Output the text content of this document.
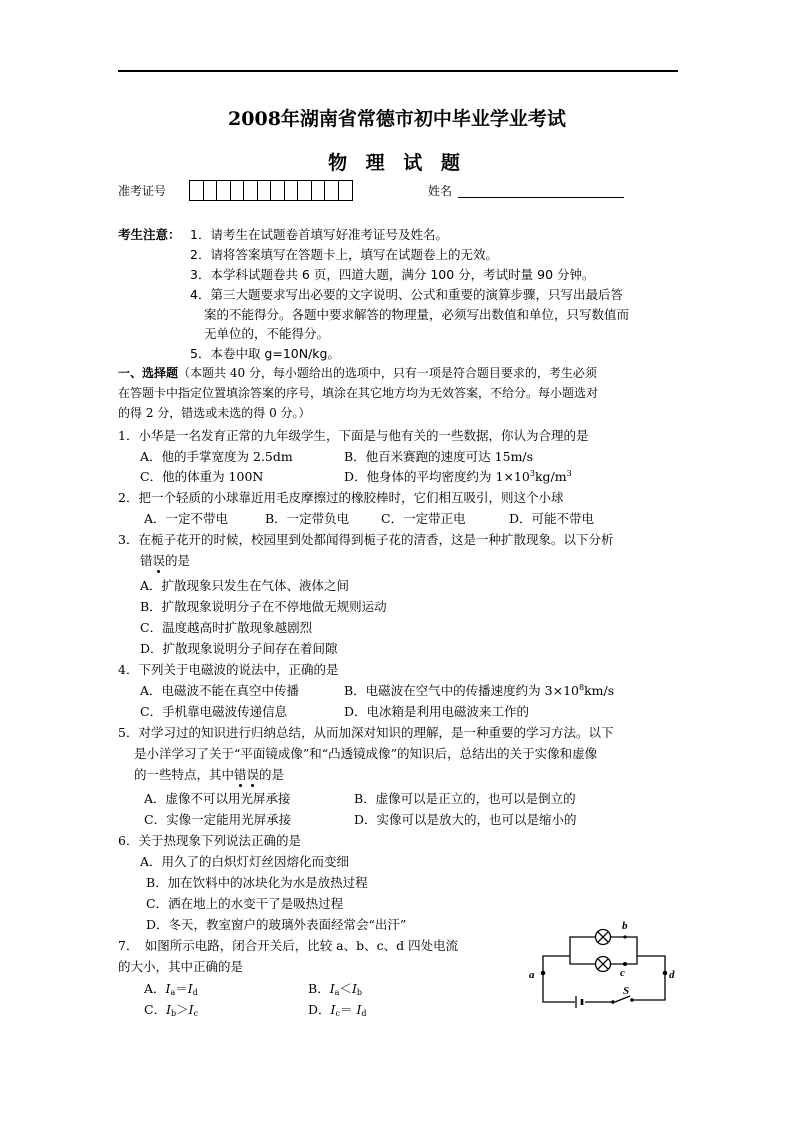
2008年湖南省常德市初中毕业学业考试
物 理 试 题
准考证号	姓名
考生注意： 1．请考生在试题卷首填写好准考证号及姓名。
2．请将答案填写在答题卡上，填写在试题卷上的无效。
3．本学科试题卷共 6 页，四道大题，满分 100 分，考试时量 90 分钟。
4．第三大题要求写出必要的文字说明、公式和重要的演算步骤，只写出最后答
案的不能得分。各题中要求解答的物理量，必须写出数值和单位，只写数值而
无单位的，不能得分。
5．本卷中取 g=10N/kg。
一、选择题（本题共 40 分，每小题给出的选项中，只有一项是符合题目要求的，考生必须
在答题卡中指定位置填涂答案的序号，填涂在其它地方均为无效答案，不给分。每小题选对
的得 2 分，错选或未选的得 0 分。）
1．小华是一名发育正常的九年级学生，下面是与他有关的一些数据，你认为合理的是
A．他的手掌宽度为 2.5dm	B．他百米赛跑的速度可达 15m/s
C．他的体重为 100N	D．他身体的平均密度约为 $1\times 10^3kg/m^3$
2．把一个轻质的小球靠近用毛皮摩擦过的橡胶棒时，它们相互吸引，则这个小球
A．一定不带电	B．一定带负电	C．一定带正电	D．可能不带电
3．在栀子花开的时候，校园里到处都闻得到栀子花的清香，这是一种扩散现象。以下分析
错误的是
A．扩散现象只发生在气体、液体之间
B．扩散现象说明分子在不停地做无规则运动
C．温度越高时扩散现象越剧烈
D．扩散现象说明分子间存在着间隙
4．下列关于电磁波的说法中，正确的是
A．电磁波不能在真空中传播	B．电磁波在空气中的传播速度约为 $3\times 10^8km/s$
C．手机靠电磁波传递信息	D．电冰箱是利用电磁波来工作的
5．对学习过的知识进行归纳总结，从而加深对知识的理解，是一种重要的学习方法。以下
是小洋学习了关于“平面镜成像”和“凸透镜成像”的知识后，总结出的关于实像和虚像
的一些特点，其中错误的是
A．虚像不可以用光屏承接	B．虚像可以是正立的，也可以是倒立的
C．实像一定能用光屏承接	D．实像可以是放大的，也可以是缩小的
6．关于热现象下列说法正确的是
A．用久了的白炽灯灯丝因熔化而变细
B．加在饮料中的冰块化为水是放热过程
C．洒在地上的水变干了是吸热过程
D．冬天，教室窗户的玻璃外表面经常会“出汗”
7．　如图所示电路，闭合开关后，比较 a、b、c、d 四处电流
的大小，其中正确的是
A．$I_a=I_d$	B．$I_a<I_b$
C．$I_b>I_c$	D．$I_c= I_d$
a
b
c	d
S
